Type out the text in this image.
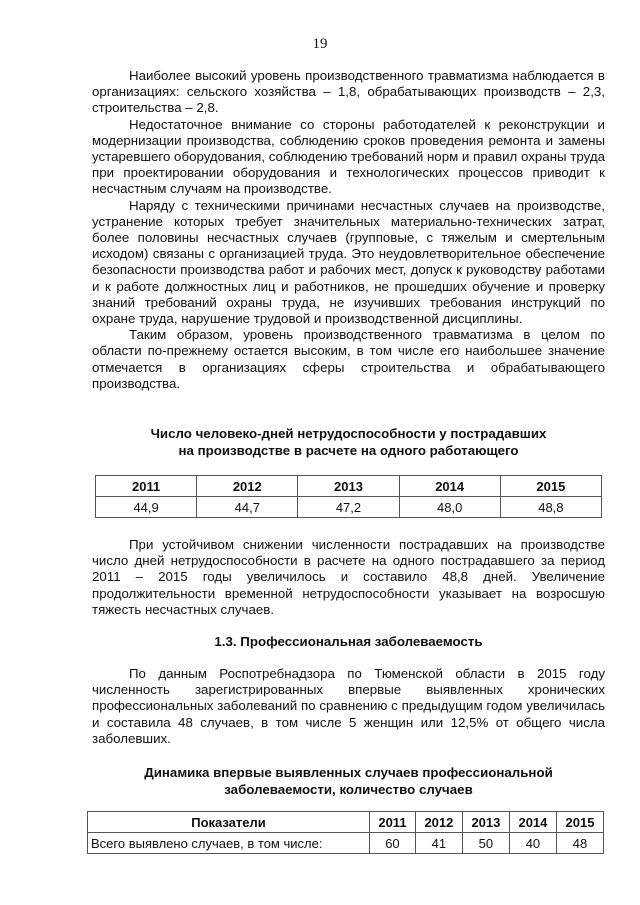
19

Наиболее высокий уровень производственного травматизма наблюдается в организациях: сельского хозяйства – 1,8, обрабатывающих производств – 2,3, строительства – 2,8.

Недостаточное внимание со стороны работодателей к реконструкции и модернизации производства, соблюдению сроков проведения ремонта и замены устаревшего оборудования, соблюдению требований норм и правил охраны труда при проектировании оборудования и технологических процессов приводит к несчастным случаям на производстве.

Наряду с техническими причинами несчастных случаев на производстве, устранение которых требует значительных материально-технических затрат, более половины несчастных случаев (групповые, с тяжелым и смертельным исходом) связаны с организацией труда. Это неудовлетворительное обеспечение безопасности производства работ и рабочих мест, допуск к руководству работами и к работе должностных лиц и работников, не прошедших обучение и проверку знаний требований охраны труда, не изучивших требования инструкций по охране труда, нарушение трудовой и производственной дисциплины.

Таким образом, уровень производственного травматизма в целом по области по-прежнему остается высоким, в том числе его наибольшее значение отмечается в организациях сферы строительства и обрабатывающего производства.

Число человеко-дней нетрудоспособности у пострадавших
на производстве в расчете на одного работающего
2011	2012	2013	2014	2015
44,9	44,7	47,2	48,0	48,8

При устойчивом снижении численности пострадавших на производстве число дней нетрудоспособности в расчете на одного пострадавшего за период 2011 – 2015 годы увеличилось и составило 48,8 дней. Увеличение продолжительности временной нетрудоспособности указывает на возросшую тяжесть несчастных случаев.

1.3. Профессиональная заболеваемость

По данным Роспотребнадзора по Тюменской области в 2015 году численность зарегистрированных впервые выявленных хронических профессиональных заболеваний по сравнению с предыдущим годом увеличилась и составила 48 случаев, в том числе 5 женщин или 12,5% от общего числа заболевших.

Динамика впервые выявленных случаев профессиональной
заболеваемости, количество случаев
Показатели	2011	2012	2013	2014	2015
Всего выявлено случаев, в том числе:	60	41	50	40	48
